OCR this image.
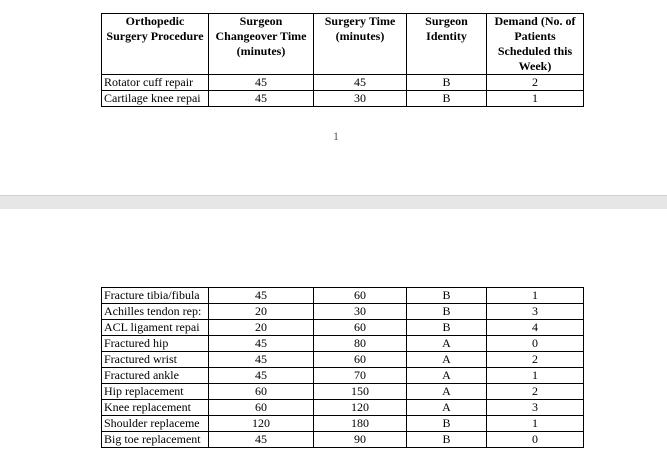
Orthopedic Surgery Procedure	Surgeon Changeover Time (minutes)	Surgery Time (minutes)	Surgeon Identity	Demand (No. of Patients Scheduled this Week)
Rotator cuff repair	45	45	B	2
Cartilage knee repai	45	30	B	1
1
Fracture tibia/fibula	45	60	B	1
Achilles tendon rep:	20	30	B	3
ACL ligament repai	20	60	B	4
Fractured hip	45	80	A	0
Fractured wrist	45	60	A	2
Fractured ankle	45	70	A	1
Hip replacement	60	150	A	2
Knee replacement	60	120	A	3
Shoulder replaceme	120	180	B	1
Big toe replacement	45	90	B	0
